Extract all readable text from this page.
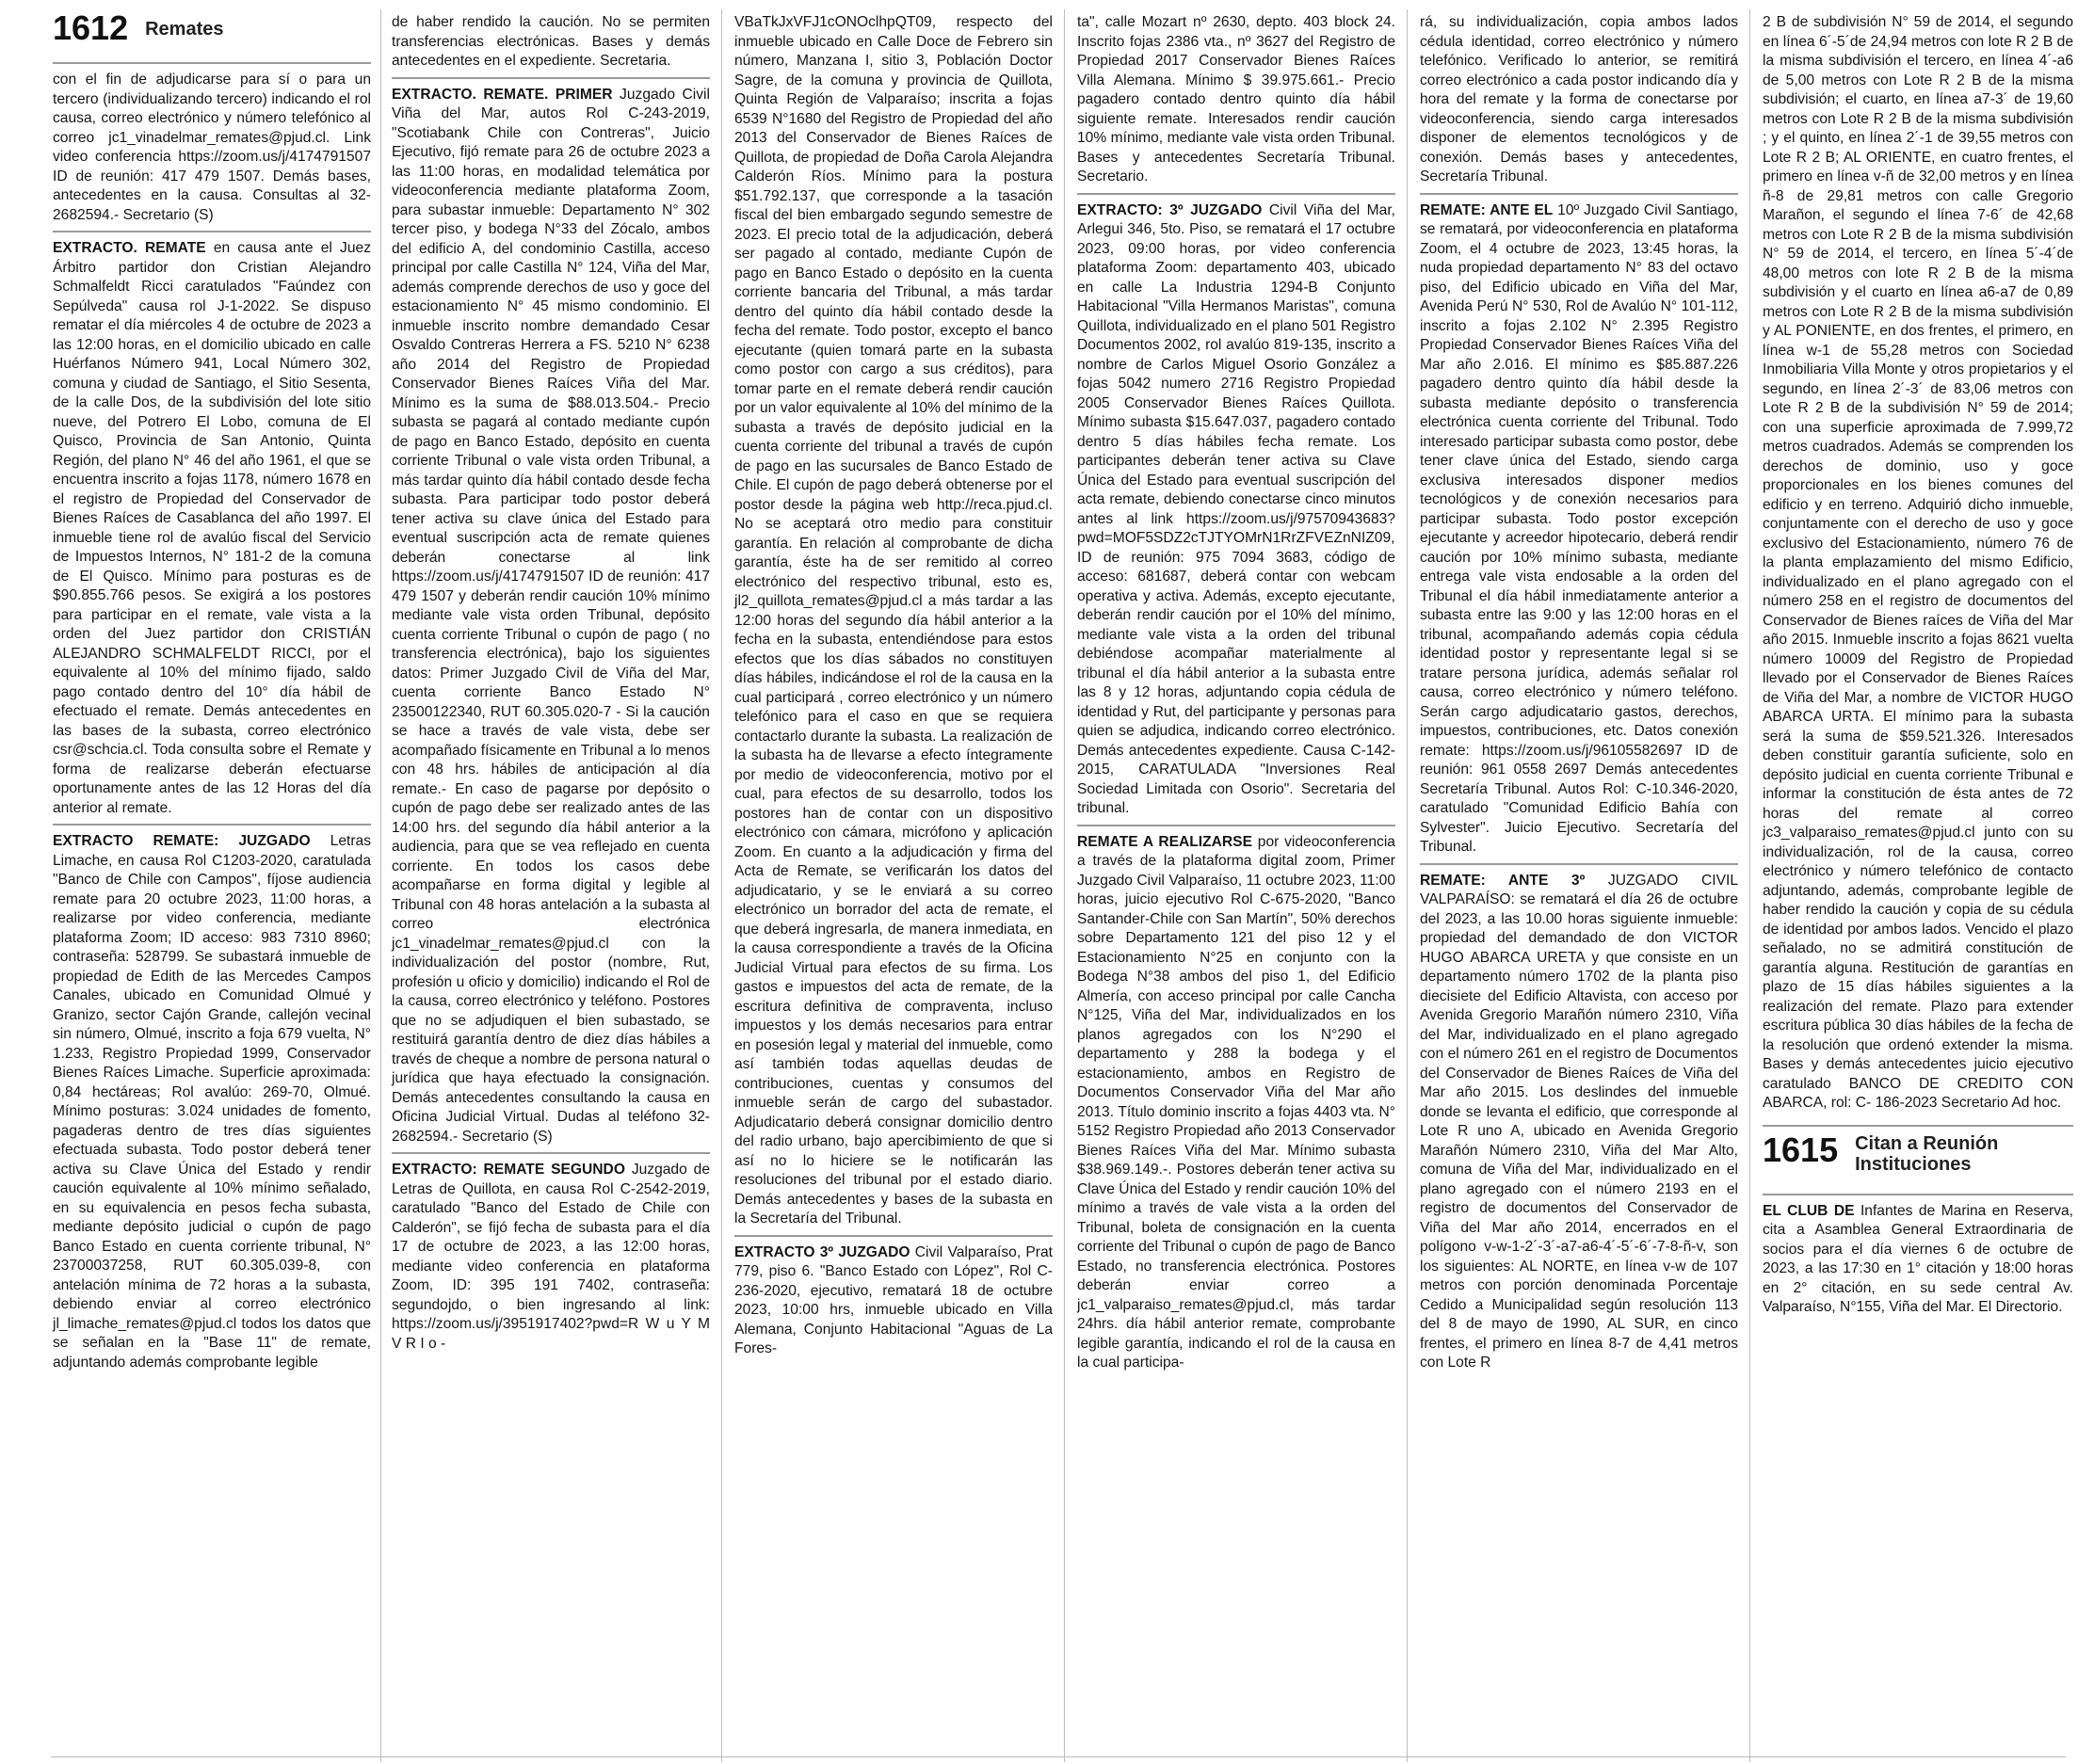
1612 Remates

con el fin de adjudicarse para sí o para un tercero (individualizando tercero) indicando el rol causa, correo electrónico y número telefónico al correo jc1_vinadelmar_remates@pjud.cl. Link video conferencia https://zoom.us/j/4174791507 ID de reunión: 417 479 1507. Demás bases, antecedentes en la causa. Consultas al 32-2682594.- Secretario (S)

EXTRACTO. REMATE en causa ante el Juez Árbitro partidor don Cristian Alejandro Schmalfeldt Ricci caratulados "Faúndez con Sepúlveda" causa rol J-1-2022. Se dispuso rematar el día miércoles 4 de octubre de 2023 a las 12:00 horas, en el domicilio ubicado en calle Huérfanos Número 941, Local Número 302, comuna y ciudad de Santiago, el Sitio Sesenta, de la calle Dos, de la subdivisión del lote sitio nueve, del Potrero El Lobo, comuna de El Quisco, Provincia de San Antonio, Quinta Región, del plano N° 46 del año 1961, el que se encuentra inscrito a fojas 1178, número 1678 en el registro de Propiedad del Conservador de Bienes Raíces de Casablanca del año 1997. El inmueble tiene rol de avalúo fiscal del Servicio de Impuestos Internos, N° 181-2 de la comuna de El Quisco. Mínimo para posturas es de $90.855.766 pesos. Se exigirá a los postores para participar en el remate, vale vista a la orden del Juez partidor don CRISTIÁN ALEJANDRO SCHMALFELDT RICCI, por el equivalente al 10% del mínimo fijado, saldo pago contado dentro del 10° día hábil de efectuado el remate. Demás antecedentes en las bases de la subasta, correo electrónico csr@schcia.cl. Toda consulta sobre el Remate y forma de realizarse deberán efectuarse oportunamente antes de las 12 Horas del día anterior al remate.

EXTRACTO REMATE: JUZGADO Letras Limache, en causa Rol C1203-2020, caratulada "Banco de Chile con Campos", fíjose audiencia remate para 20 octubre 2023, 11:00 horas, a realizarse por video conferencia, mediante plataforma Zoom; ID acceso: 983 7310 8960; contraseña: 528799. Se subastará inmueble de propiedad de Edith de las Mercedes Campos Canales, ubicado en Comunidad Olmué y Granizo, sector Cajón Grande, callejón vecinal sin número, Olmué, inscrito a foja 679 vuelta, N° 1.233, Registro Propiedad 1999, Conservador Bienes Raíces Limache. Superficie aproximada: 0,84 hectáreas; Rol avalúo: 269-70, Olmué. Mínimo posturas: 3.024 unidades de fomento, pagaderas dentro de tres días siguientes efectuada subasta. Todo postor deberá tener activa su Clave Única del Estado y rendir caución equivalente al 10% mínimo señalado, en su equivalencia en pesos fecha subasta, mediante depósito judicial o cupón de pago Banco Estado en cuenta corriente tribunal, N° 23700037258, RUT 60.305.039-8, con antelación mínima de 72 horas a la subasta, debiendo enviar al correo electrónico jl_limache_remates@pjud.cl todos los datos que se señalan en la "Base 11" de remate, adjuntando además comprobante legible

de haber rendido la caución. No se permiten transferencias electrónicas. Bases y demás antecedentes en el expediente. Secretaria.

EXTRACTO. REMATE. PRIMER Juzgado Civil Viña del Mar, autos Rol C-243-2019, "Scotiabank Chile con Contreras", Juicio Ejecutivo, fijó remate para 26 de octubre 2023 a las 11:00 horas, en modalidad telemática por videoconferencia mediante plataforma Zoom, para subastar inmueble: Departamento N° 302 tercer piso, y bodega N°33 del Zócalo, ambos del edificio A, del condominio Castilla, acceso principal por calle Castilla N° 124, Viña del Mar, además comprende derechos de uso y goce del estacionamiento N° 45 mismo condominio. El inmueble inscrito nombre demandado Cesar Osvaldo Contreras Herrera a FS. 5210 N° 6238 año 2014 del Registro de Propiedad Conservador Bienes Raíces Viña del Mar. Mínimo es la suma de $88.013.504.- Precio subasta se pagará al contado mediante cupón de pago en Banco Estado, depósito en cuenta corriente Tribunal o vale vista orden Tribunal, a más tardar quinto día hábil contado desde fecha subasta. Para participar todo postor deberá tener activa su clave única del Estado para eventual suscripción acta de remate quienes deberán conectarse al link https://zoom.us/j/4174791507 ID de reunión: 417 479 1507 y deberán rendir caución 10% mínimo mediante vale vista orden Tribunal, depósito cuenta corriente Tribunal o cupón de pago ( no transferencia electrónica), bajo los siguientes datos: Primer Juzgado Civil de Viña del Mar, cuenta corriente Banco Estado N° 23500122340, RUT 60.305.020-7 - Si la caución se hace a través de vale vista, debe ser acompañado físicamente en Tribunal a lo menos con 48 hrs. hábiles de anticipación al día remate.- En caso de pagarse por depósito o cupón de pago debe ser realizado antes de las 14:00 hrs. del segundo día hábil anterior a la audiencia, para que se vea reflejado en cuenta corriente. En todos los casos debe acompañarse en forma digital y legible al Tribunal con 48 horas antelación a la subasta al correo electrónica jc1_vinadelmar_remates@pjud.cl con la individualización del postor (nombre, Rut, profesión u oficio y domicilio) indicando el Rol de la causa, correo electrónico y teléfono. Postores que no se adjudiquen el bien subastado, se restituirá garantía dentro de diez días hábiles a través de cheque a nombre de persona natural o jurídica que haya efectuado la consignación. Demás antecedentes consultando la causa en Oficina Judicial Virtual. Dudas al teléfono 32-2682594.- Secretario (S)

EXTRACTO: REMATE SEGUNDO Juzgado de Letras de Quillota, en causa Rol C-2542-2019, caratulado "Banco del Estado de Chile con Calderón", se fijó fecha de subasta para el día 17 de octubre de 2023, a las 12:00 horas, mediante video conferencia en plataforma Zoom, ID: 395 191 7402, contraseña: segundojdo, o bien ingresando al link: https://zoom.us/j/3951917402?pwd=R W u Y M V R I o -

VBaTkJxVFJ1cONOclhpQT09, respecto del inmueble ubicado en Calle Doce de Febrero sin número, Manzana I, sitio 3, Población Doctor Sagre, de la comuna y provincia de Quillota, Quinta Región de Valparaíso; inscrita a fojas 6539 N°1680 del Registro de Propiedad del año 2013 del Conservador de Bienes Raíces de Quillota, de propiedad de Doña Carola Alejandra Calderón Ríos. Mínimo para la postura $51.792.137, que corresponde a la tasación fiscal del bien embargado segundo semestre de 2023. El precio total de la adjudicación, deberá ser pagado al contado, mediante Cupón de pago en Banco Estado o depósito en la cuenta corriente bancaria del Tribunal, a más tardar dentro del quinto día hábil contado desde la fecha del remate. Todo postor, excepto el banco ejecutante (quien tomará parte en la subasta como postor con cargo a sus créditos), para tomar parte en el remate deberá rendir caución por un valor equivalente al 10% del mínimo de la subasta a través de depósito judicial en la cuenta corriente del tribunal a través de cupón de pago en las sucursales de Banco Estado de Chile. El cupón de pago deberá obtenerse por el postor desde la página web http://reca.pjud.cl. No se aceptará otro medio para constituir garantía. En relación al comprobante de dicha garantía, éste ha de ser remitido al correo electrónico del respectivo tribunal, esto es, jl2_quillota_remates@pjud.cl a más tardar a las 12:00 horas del segundo día hábil anterior a la fecha en la subasta, entendiéndose para estos efectos que los días sábados no constituyen días hábiles, indicándose el rol de la causa en la cual participará , correo electrónico y un número telefónico para el caso en que se requiera contactarlo durante la subasta. La realización de la subasta ha de llevarse a efecto íntegramente por medio de videoconferencia, motivo por el cual, para efectos de su desarrollo, todos los postores han de contar con un dispositivo electrónico con cámara, micrófono y aplicación Zoom. En cuanto a la adjudicación y firma del Acta de Remate, se verificarán los datos del adjudicatario, y se le enviará a su correo electrónico un borrador del acta de remate, el que deberá ingresarla, de manera inmediata, en la causa correspondiente a través de la Oficina Judicial Virtual para efectos de su firma. Los gastos e impuestos del acta de remate, de la escritura definitiva de compraventa, incluso impuestos y los demás necesarios para entrar en posesión legal y material del inmueble, como así también todas aquellas deudas de contribuciones, cuentas y consumos del inmueble serán de cargo del subastador. Adjudicatario deberá consignar domicilio dentro del radio urbano, bajo apercibimiento de que si así no lo hiciere se le notificarán las resoluciones del tribunal por el estado diario. Demás antecedentes y bases de la subasta en la Secretaría del Tribunal.

EXTRACTO 3º JUZGADO Civil Valparaíso, Prat 779, piso 6. "Banco Estado con López", Rol C-236-2020, ejecutivo, rematará 18 de octubre 2023, 10:00 hrs, inmueble ubicado en Villa Alemana, Conjunto Habitacional "Aguas de La Fores-

ta", calle Mozart nº 2630, depto. 403 block 24. Inscrito fojas 2386 vta., nº 3627 del Registro de Propiedad 2017 Conservador Bienes Raíces Villa Alemana. Mínimo $ 39.975.661.- Precio pagadero contado dentro quinto día hábil siguiente remate. Interesados rendir caución 10% mínimo, mediante vale vista orden Tribunal. Bases y antecedentes Secretaría Tribunal. Secretario.

EXTRACTO: 3º JUZGADO Civil Viña del Mar, Arlegui 346, 5to. Piso, se rematará el 17 octubre 2023, 09:00 horas, por video conferencia plataforma Zoom: departamento 403, ubicado en calle La Industria 1294-B Conjunto Habitacional "Villa Hermanos Maristas", comuna Quillota, individualizado en el plano 501 Registro Documentos 2002, rol avalúo 819-135, inscrito a nombre de Carlos Miguel Osorio González a fojas 5042 numero 2716 Registro Propiedad 2005 Conservador Bienes Raíces Quillota. Mínimo subasta $15.647.037, pagadero contado dentro 5 días hábiles fecha remate. Los participantes deberán tener activa su Clave Única del Estado para eventual suscripción del acta remate, debiendo conectarse cinco minutos antes al link https://zoom.us/j/97570943683?pwd=MOF5SDZ2cTJTYOMrN1RrZFVEZnNIZ09, ID de reunión: 975 7094 3683, código de acceso: 681687, deberá contar con webcam operativa y activa. Además, excepto ejecutante, deberán rendir caución por el 10% del mínimo, mediante vale vista a la orden del tribunal debiéndose acompañar materialmente al tribunal el día hábil anterior a la subasta entre las 8 y 12 horas, adjuntando copia cédula de identidad y Rut, del participante y personas para quien se adjudica, indicando correo electrónico. Demás antecedentes expediente. Causa C-142-2015, CARATULADA "Inversiones Real Sociedad Limitada con Osorio". Secretaria del tribunal.

REMATE A REALIZARSE por videoconferencia a través de la plataforma digital zoom, Primer Juzgado Civil Valparaíso, 11 octubre 2023, 11:00 horas, juicio ejecutivo Rol C-675-2020, "Banco Santander-Chile con San Martín", 50% derechos sobre Departamento 121 del piso 12 y el Estacionamiento N°25 en conjunto con la Bodega N°38 ambos del piso 1, del Edificio Almería, con acceso principal por calle Cancha N°125, Viña del Mar, individualizados en los planos agregados con los N°290 el departamento y 288 la bodega y el estacionamiento, ambos en Registro de Documentos Conservador Viña del Mar año 2013. Título dominio inscrito a fojas 4403 vta. N° 5152 Registro Propiedad año 2013 Conservador Bienes Raíces Viña del Mar. Mínimo subasta $38.969.149.-. Postores deberán tener activa su Clave Única del Estado y rendir caución 10% del mínimo a través de vale vista a la orden del Tribunal, boleta de consignación en la cuenta corriente del Tribunal o cupón de pago de Banco Estado, no transferencia electrónica. Postores deberán enviar correo a jc1_valparaiso_remates@pjud.cl, más tardar 24hrs. día hábil anterior remate, comprobante legible garantía, indicando el rol de la causa en la cual participa-

rá, su individualización, copia ambos lados cédula identidad, correo electrónico y número telefónico. Verificado lo anterior, se remitirá correo electrónico a cada postor indicando día y hora del remate y la forma de conectarse por videoconferencia, siendo carga interesados disponer de elementos tecnológicos y de conexión. Demás bases y antecedentes, Secretaría Tribunal.

REMATE: ANTE EL 10º Juzgado Civil Santiago, se rematará, por videoconferencia en plataforma Zoom, el 4 octubre de 2023, 13:45 horas, la nuda propiedad departamento N° 83 del octavo piso, del Edificio ubicado en Viña del Mar, Avenida Perú N° 530, Rol de Avalúo N° 101-112, inscrito a fojas 2.102 N° 2.395 Registro Propiedad Conservador Bienes Raíces Viña del Mar año 2.016. El mínimo es $85.887.226 pagadero dentro quinto día hábil desde la subasta mediante depósito o transferencia electrónica cuenta corriente del Tribunal. Todo interesado participar subasta como postor, debe tener clave única del Estado, siendo carga exclusiva interesados disponer medios tecnológicos y de conexión necesarios para participar subasta. Todo postor excepción ejecutante y acreedor hipotecario, deberá rendir caución por 10% mínimo subasta, mediante entrega vale vista endosable a la orden del Tribunal el día hábil inmediatamente anterior a subasta entre las 9:00 y las 12:00 horas en el tribunal, acompañando además copia cédula identidad postor y representante legal si se tratare persona jurídica, además señalar rol causa, correo electrónico y número teléfono. Serán cargo adjudicatario gastos, derechos, impuestos, contribuciones, etc. Datos conexión remate: https://zoom.us/j/96105582697 ID de reunión: 961 0558 2697 Demás antecedentes Secretaría Tribunal. Autos Rol: C-10.346-2020, caratulado "Comunidad Edificio Bahía con Sylvester". Juicio Ejecutivo. Secretaría del Tribunal.

REMATE: ANTE 3º JUZGADO CIVIL VALPARAÍSO: se rematará el día 26 de octubre del 2023, a las 10.00 horas siguiente inmueble: propiedad del demandado de don VICTOR HUGO ABARCA URETA y que consiste en un departamento número 1702 de la planta piso diecisiete del Edificio Altavista, con acceso por Avenida Gregorio Marañón número 2310, Viña del Mar, individualizado en el plano agregado con el número 261 en el registro de Documentos del Conservador de Bienes Raíces de Viña del Mar año 2015. Los deslindes del inmueble donde se levanta el edificio, que corresponde al Lote R uno A, ubicado en Avenida Gregorio Marañón Número 2310, Viña del Mar Alto, comuna de Viña del Mar, individualizado en el plano agregado con el número 2193 en el registro de documentos del Conservador de Viña del Mar año 2014, encerrados en el polígono v-w-1-2´-3´-a7-a6-4´-5´-6´-7-8-ñ-v, son los siguientes: AL NORTE, en línea v-w de 107 metros con porción denominada Porcentaje Cedido a Municipalidad según resolución 113 del 8 de mayo de 1990, AL SUR, en cinco frentes, el primero en línea 8-7 de 4,41 metros con Lote R

2 B de subdivisión N° 59 de 2014, el segundo en línea 6´-5´de 24,94 metros con lote R 2 B de la misma subdivisión el tercero, en línea 4´-a6 de 5,00 metros con Lote R 2 B de la misma subdivisión; el cuarto, en línea a7-3´ de 19,60 metros con Lote R 2 B de la misma subdivisión ; y el quinto, en línea 2´-1 de 39,55 metros con Lote R 2 B; AL ORIENTE, en cuatro frentes, el primero en línea v-ñ de 32,00 metros y en línea ñ-8 de 29,81 metros con calle Gregorio Marañon, el segundo el línea 7-6´ de 42,68 metros con Lote R 2 B de la misma subdivisión N° 59 de 2014, el tercero, en línea 5´-4´de 48,00 metros con lote R 2 B de la misma subdivisión y el cuarto en línea a6-a7 de 0,89 metros con Lote R 2 B de la misma subdivisión y AL PONIENTE, en dos frentes, el primero, en línea w-1 de 55,28 metros con Sociedad Inmobiliaria Villa Monte y otros propietarios y el segundo, en línea 2´-3´ de 83,06 metros con Lote R 2 B de la subdivisión N° 59 de 2014; con una superficie aproximada de 7.999,72 metros cuadrados. Además se comprenden los derechos de dominio, uso y goce proporcionales en los bienes comunes del edificio y en terreno. Adquirió dicho inmueble, conjuntamente con el derecho de uso y goce exclusivo del Estacionamiento, número 76 de la planta emplazamiento del mismo Edificio, individualizado en el plano agregado con el número 258 en el registro de documentos del Conservador de Bienes raíces de Viña del Mar año 2015. Inmueble inscrito a fojas 8621 vuelta número 10009 del Registro de Propiedad llevado por el Conservador de Bienes Raíces de Viña del Mar, a nombre de VICTOR HUGO ABARCA URTA. El mínimo para la subasta será la suma de $59.521.326. Interesados deben constituir garantía suficiente, solo en depósito judicial en cuenta corriente Tribunal e informar la constitución de ésta antes de 72 horas del remate al correo jc3_valparaiso_remates@pjud.cl junto con su individualización, rol de la causa, correo electrónico y número telefónico de contacto adjuntando, además, comprobante legible de haber rendido la caución y copia de su cédula de identidad por ambos lados. Vencido el plazo señalado, no se admitirá constitución de garantía alguna. Restitución de garantías en plazo de 15 días hábiles siguientes a la realización del remate. Plazo para extender escritura pública 30 días hábiles de la fecha de la resolución que ordenó extender la misma. Bases y demás antecedentes juicio ejecutivo caratulado BANCO DE CREDITO CON ABARCA, rol: C- 186-2023 Secretario Ad hoc.

1615 Citan a Reunión
Instituciones

EL CLUB DE Infantes de Marina en Reserva, cita a Asamblea General Extraordinaria de socios para el día viernes 6 de octubre de 2023, a las 17:30 en 1° citación y 18:00 horas en 2° citación, en su sede central Av. Valparaíso, N°155, Viña del Mar. El Directorio.
